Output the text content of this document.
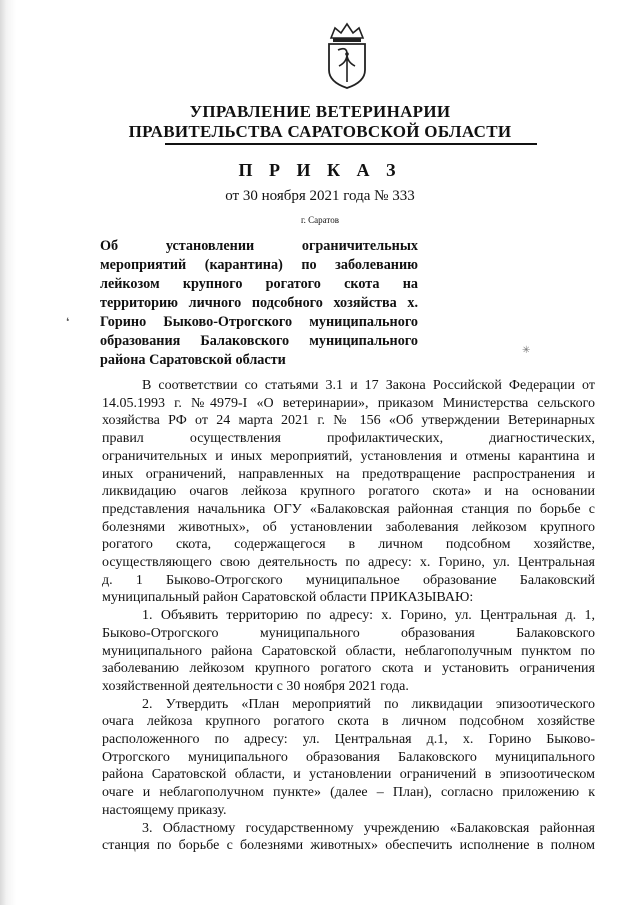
УПРАВЛЕНИЕ ВЕТЕРИНАРИИ
ПРАВИТЕЛЬСТВА САРАТОВСКОЙ ОБЛАСТИ
П Р И К А З
от 30 ноября 2021 года № 333
г. Саратов
Об установлении ограничительных
мероприятий (карантина) по заболеванию
лейкозом крупного рогатого скота на
территорию личного подсобного хозяйства х.
Горино Быково-Отрогского муниципального
образования Балаковского муниципального
района Саратовской области
❛
✳

В соответствии со статьями 3.1 и 17 Закона Российской Федерации от
14.05.1993 г. №4979-I «О ветеринарии», приказом Министерства сельского
хозяйства РФ от 24 марта 2021 г. № 156 «Об утверждении Ветеринарных
правил осуществления профилактических, диагностических,
ограничительных и иных мероприятий, установления и отмены карантина и
иных ограничений, направленных на предотвращение распространения и
ликвидацию очагов лейкоза крупного рогатого скота» и на основании
представления начальника ОГУ «Балаковская районная станция по борьбе с
болезнями животных», об установлении заболевания лейкозом крупного
рогатого скота, содержащегося в личном подсобном хозяйстве,
осуществляющего свою деятельность по адресу: х. Горино, ул. Центральная
д. 1 Быково-Отрогского муниципальное образование Балаковский
муниципальный район Саратовской области ПРИКАЗЫВАЮ:

1. Объявить территорию по адресу: х. Горино, ул. Центральная д. 1,
Быково-Отрогского муниципального образования Балаковского
муниципального района Саратовской области, неблагополучным пунктом по
заболеванию лейкозом крупного рогатого скота и установить ограничения
хозяйственной деятельности с 30 ноября 2021 года.

2. Утвердить «План мероприятий по ликвидации эпизоотического
очага лейкоза крупного рогатого скота в личном подсобном хозяйстве
расположенного по адресу: ул. Центральная д.1, х. Горино Быково-
Отрогского муниципального образования Балаковского муниципального
района Саратовской области, и установлении ограничений в эпизоотическом
очаге и неблагополучном пункте» (далее – План), согласно приложению к
настоящему приказу.

3. Областному государственному учреждению «Балаковская районная
станция по борьбе с болезнями животных» обеспечить исполнение в полном
